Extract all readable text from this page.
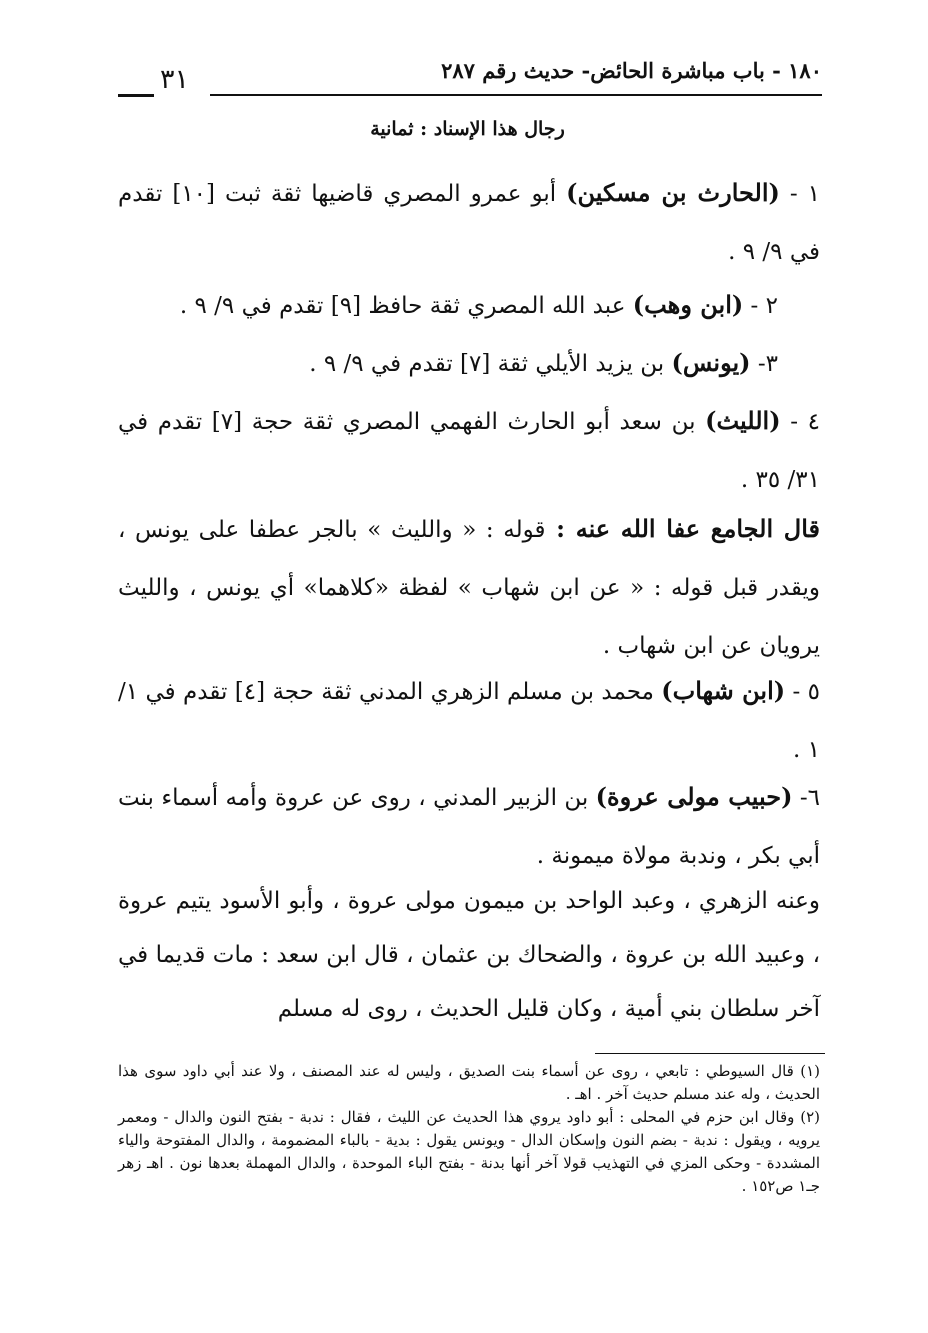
١٨٠ - باب مباشرة الحائض- حديث رقم ٢٨٧
٣١
رجال هذا الإسناد : ثمانية
١ - (الحارث بن مسكين) أبو عمرو المصري قاضيها ثقة ثبت [١٠] تقدم في ٩/ ٩ .
٢ - (ابن وهب) عبد الله المصري ثقة حافظ [٩] تقدم في ٩/ ٩ .
٣- (يونس) بن يزيد الأيلي ثقة [٧] تقدم في ٩/ ٩ .
٤ - (الليث) بن سعد أبو الحارث الفهمي المصري ثقة حجة [٧] تقدم في ٣١/ ٣٥ .
قال الجامع عفا الله عنه : قوله : « والليث » بالجر عطفا على يونس ، ويقدر قبل قوله : « عن ابن شهاب » لفظة «كلاهما» أي يونس ، والليث يرويان عن ابن شهاب .
٥ - (ابن شهاب) محمد بن مسلم الزهري المدني ثقة حجة [٤] تقدم في ١/ ١ .
٦- (حبيب مولى عروة) بن الزبير المدني ، روى عن عروة وأمه أسماء بنت أبي بكر ، وندبة مولاة ميمونة .
وعنه الزهري ، وعبد الواحد بن ميمون مولى عروة ، وأبو الأسود يتيم عروة ، وعبيد الله بن عروة ، والضحاك بن عثمان ، قال ابن سعد : مات قديما في آخر سلطان بني أمية ، وكان قليل الحديث ، روى له مسلم

(١) قال السيوطي : تابعي ، روى عن أسماء بنت الصديق ، وليس له عند المصنف ، ولا عند أبي داود سوى هذا الحديث ، وله عند مسلم حديث آخر . اهـ .

(٢) وقال ابن حزم في المحلى : أبو داود يروي هذا الحديث عن الليث ، فقال : ندبة - بفتح النون والدال - ومعمر يرويه ، ويقول : ندبة - بضم النون وإسكان الدال - ويونس يقول : بدية - بالباء المضمومة ، والدال المفتوحة والياء المشددة - وحكى المزي في التهذيب قولا آخر أنها بدنة - بفتح الباء الموحدة ، والدال المهملة بعدها نون . اهـ زهر جـ١ ص١٥٢ .
